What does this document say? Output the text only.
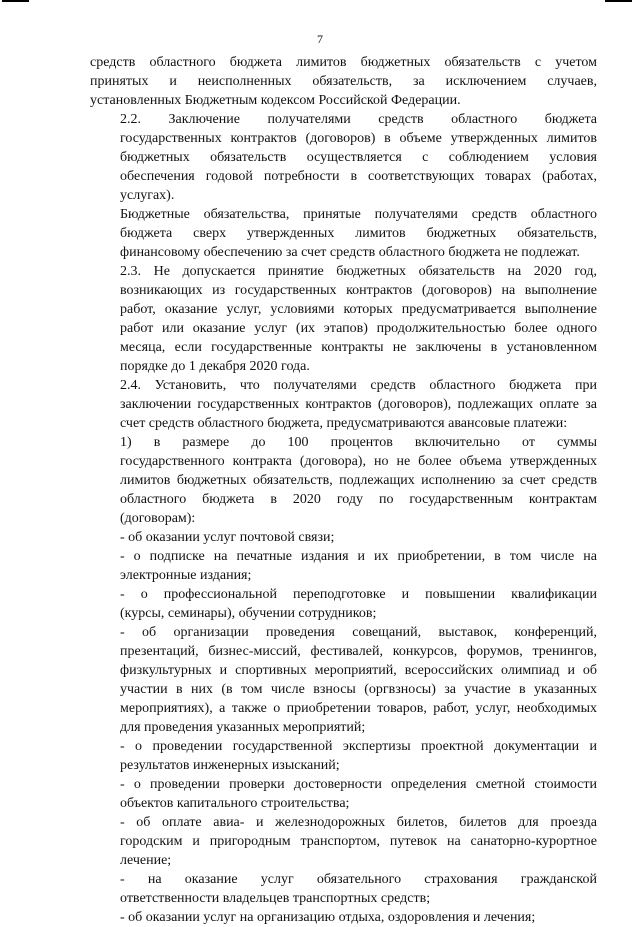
7
средств областного бюджета лимитов бюджетных обязательств с учетом
принятых и неисполненных обязательств, за исключением случаев,
установленных Бюджетным кодексом Российской Федерации.
2.2. Заключение получателями средств областного бюджета
государственных контрактов (договоров) в объеме утвержденных лимитов
бюджетных обязательств осуществляется с соблюдением условия
обеспечения годовой потребности в соответствующих товарах (работах,
услугах).
Бюджетные обязательства, принятые получателями средств областного
бюджета сверх утвержденных лимитов бюджетных обязательств,
финансовому обеспечению за счет средств областного бюджета не подлежат.
2.3. Не допускается принятие бюджетных обязательств на 2020 год,
возникающих из государственных контрактов (договоров) на выполнение
работ, оказание услуг, условиями которых предусматривается выполнение
работ или оказание услуг (их этапов) продолжительностью более одного
месяца, если государственные контракты не заключены в установленном
порядке до 1 декабря 2020 года.
2.4. Установить, что получателями средств областного бюджета при
заключении государственных контрактов (договоров), подлежащих оплате за
счет средств областного бюджета, предусматриваются авансовые платежи:
1) в размере до 100 процентов включительно от суммы
государственного контракта (договора), но не более объема утвержденных
лимитов бюджетных обязательств, подлежащих исполнению за счет средств
областного бюджета в 2020 году по государственным контрактам
(договорам):
- об оказании услуг почтовой связи;
- о подписке на печатные издания и их приобретении, в том числе на
электронные издания;
- о профессиональной переподготовке и повышении квалификации
(курсы, семинары), обучении сотрудников;
- об организации проведения совещаний, выставок, конференций,
презентаций, бизнес-миссий, фестивалей, конкурсов, форумов, тренингов,
физкультурных и спортивных мероприятий, всероссийских олимпиад и об
участии в них (в том числе взносы (оргвзносы) за участие в указанных
мероприятиях), а также о приобретении товаров, работ, услуг, необходимых
для проведения указанных мероприятий;
- о проведении государственной экспертизы проектной документации и
результатов инженерных изысканий;
- о проведении проверки достоверности определения сметной стоимости
объектов капитального строительства;
- об оплате авиа- и железнодорожных билетов, билетов для проезда
городским и пригородным транспортом, путевок на санаторно-курортное
лечение;
- на оказание услуг обязательного страхования гражданской
ответственности владельцев транспортных средств;
- об оказании услуг на организацию отдыха, оздоровления и лечения;
